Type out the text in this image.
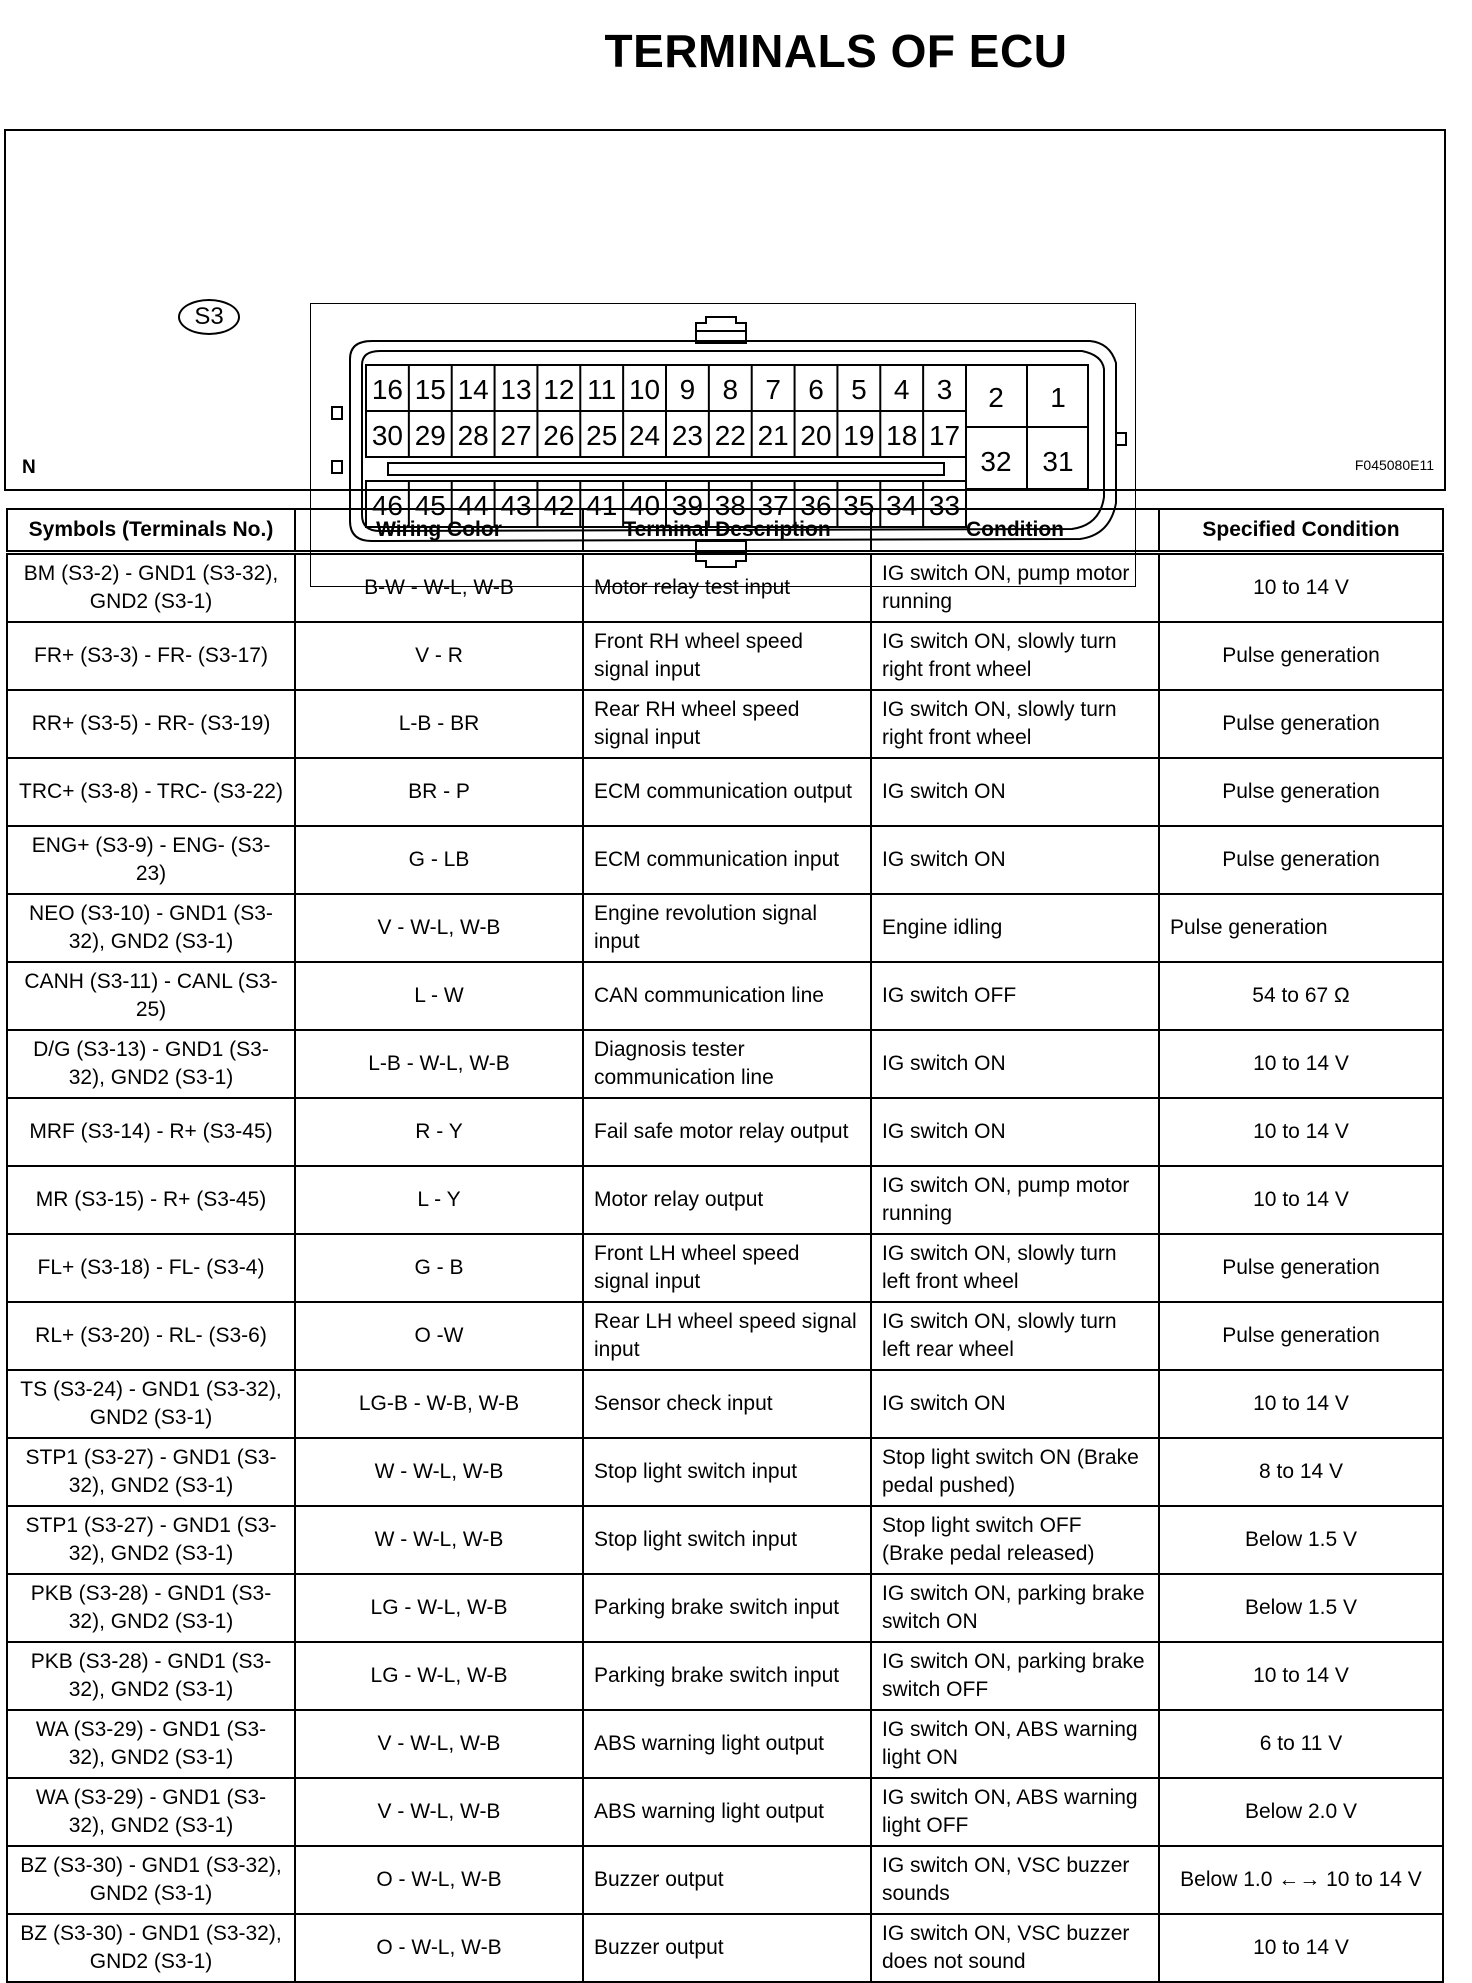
TERMINALS OF ECU
S3
16
30
46
15
29
45
14
28
44
13
27
43
12
26
42
11
25
41
10
24
40
9
23
39
8
22
38
7
21
37
6
20
36
5
19
35
4
18
34
3
17
33
2 1
32 31
N	F045080E11
Symbols (Terminals No.)	Wiring Color	Terminal Description	Condition	Specified Condition
BM (S3-2) - GND1 (S3-32), GND2 (S3-1)	B-W - W-L, W-B	Motor relay test input	IG switch ON, pump motor running	10 to 14 V
FR+ (S3-3) - FR- (S3-17)	V - R	Front RH wheel speed signal input	IG switch ON, slowly turn right front wheel	Pulse generation
RR+ (S3-5) - RR- (S3-19)	L-B - BR	Rear RH wheel speed signal input	IG switch ON, slowly turn right front wheel	Pulse generation
TRC+ (S3-8) - TRC- (S3-22)	BR - P	ECM communication output	IG switch ON	Pulse generation
ENG+ (S3-9) - ENG- (S3-23)	G - LB	ECM communication input	IG switch ON	Pulse generation
NEO (S3-10) - GND1 (S3-32), GND2 (S3-1)	V - W-L, W-B	Engine revolution signal input	Engine idling	Pulse generation
CANH (S3-11) - CANL (S3-25)	L - W	CAN communication line	IG switch OFF	54 to 67 Ω
D/G (S3-13) - GND1 (S3-32), GND2 (S3-1)	L-B - W-L, W-B	Diagnosis tester communication line	IG switch ON	10 to 14 V
MRF (S3-14) - R+ (S3-45)	R - Y	Fail safe motor relay output	IG switch ON	10 to 14 V
MR (S3-15) - R+ (S3-45)	L - Y	Motor relay output	IG switch ON, pump motor running	10 to 14 V
FL+ (S3-18) - FL- (S3-4)	G - B	Front LH wheel speed signal input	IG switch ON, slowly turn left front wheel	Pulse generation
RL+ (S3-20) - RL- (S3-6)	O -W	Rear LH wheel speed signal input	IG switch ON, slowly turn left rear wheel	Pulse generation
TS (S3-24) - GND1 (S3-32), GND2 (S3-1)	LG-B - W-B, W-B	Sensor check input	IG switch ON	10 to 14 V
STP1 (S3-27) - GND1 (S3-32), GND2 (S3-1)	W - W-L, W-B	Stop light switch input	Stop light switch ON (Brake pedal pushed)	8 to 14 V
STP1 (S3-27) - GND1 (S3-32), GND2 (S3-1)	W - W-L, W-B	Stop light switch input	Stop light switch OFF (Brake pedal released)	Below 1.5 V
PKB (S3-28) - GND1 (S3-32), GND2 (S3-1)	LG - W-L, W-B	Parking brake switch input	IG switch ON, parking brake switch ON	Below 1.5 V
PKB (S3-28) - GND1 (S3-32), GND2 (S3-1)	LG - W-L, W-B	Parking brake switch input	IG switch ON, parking brake switch OFF	10 to 14 V
WA (S3-29) - GND1 (S3-32), GND2 (S3-1)	V - W-L, W-B	ABS warning light output	IG switch ON, ABS warning light ON	6 to 11 V
WA (S3-29) - GND1 (S3-32), GND2 (S3-1)	V - W-L, W-B	ABS warning light output	IG switch ON, ABS warning light OFF	Below 2.0 V
BZ (S3-30) - GND1 (S3-32), GND2 (S3-1)	O - W-L, W-B	Buzzer output	IG switch ON, VSC buzzer sounds	Below 1.0 ←→ 10 to 14 V
BZ (S3-30) - GND1 (S3-32), GND2 (S3-1)	O - W-L, W-B	Buzzer output	IG switch ON, VSC buzzer does not sound	10 to 14 V
